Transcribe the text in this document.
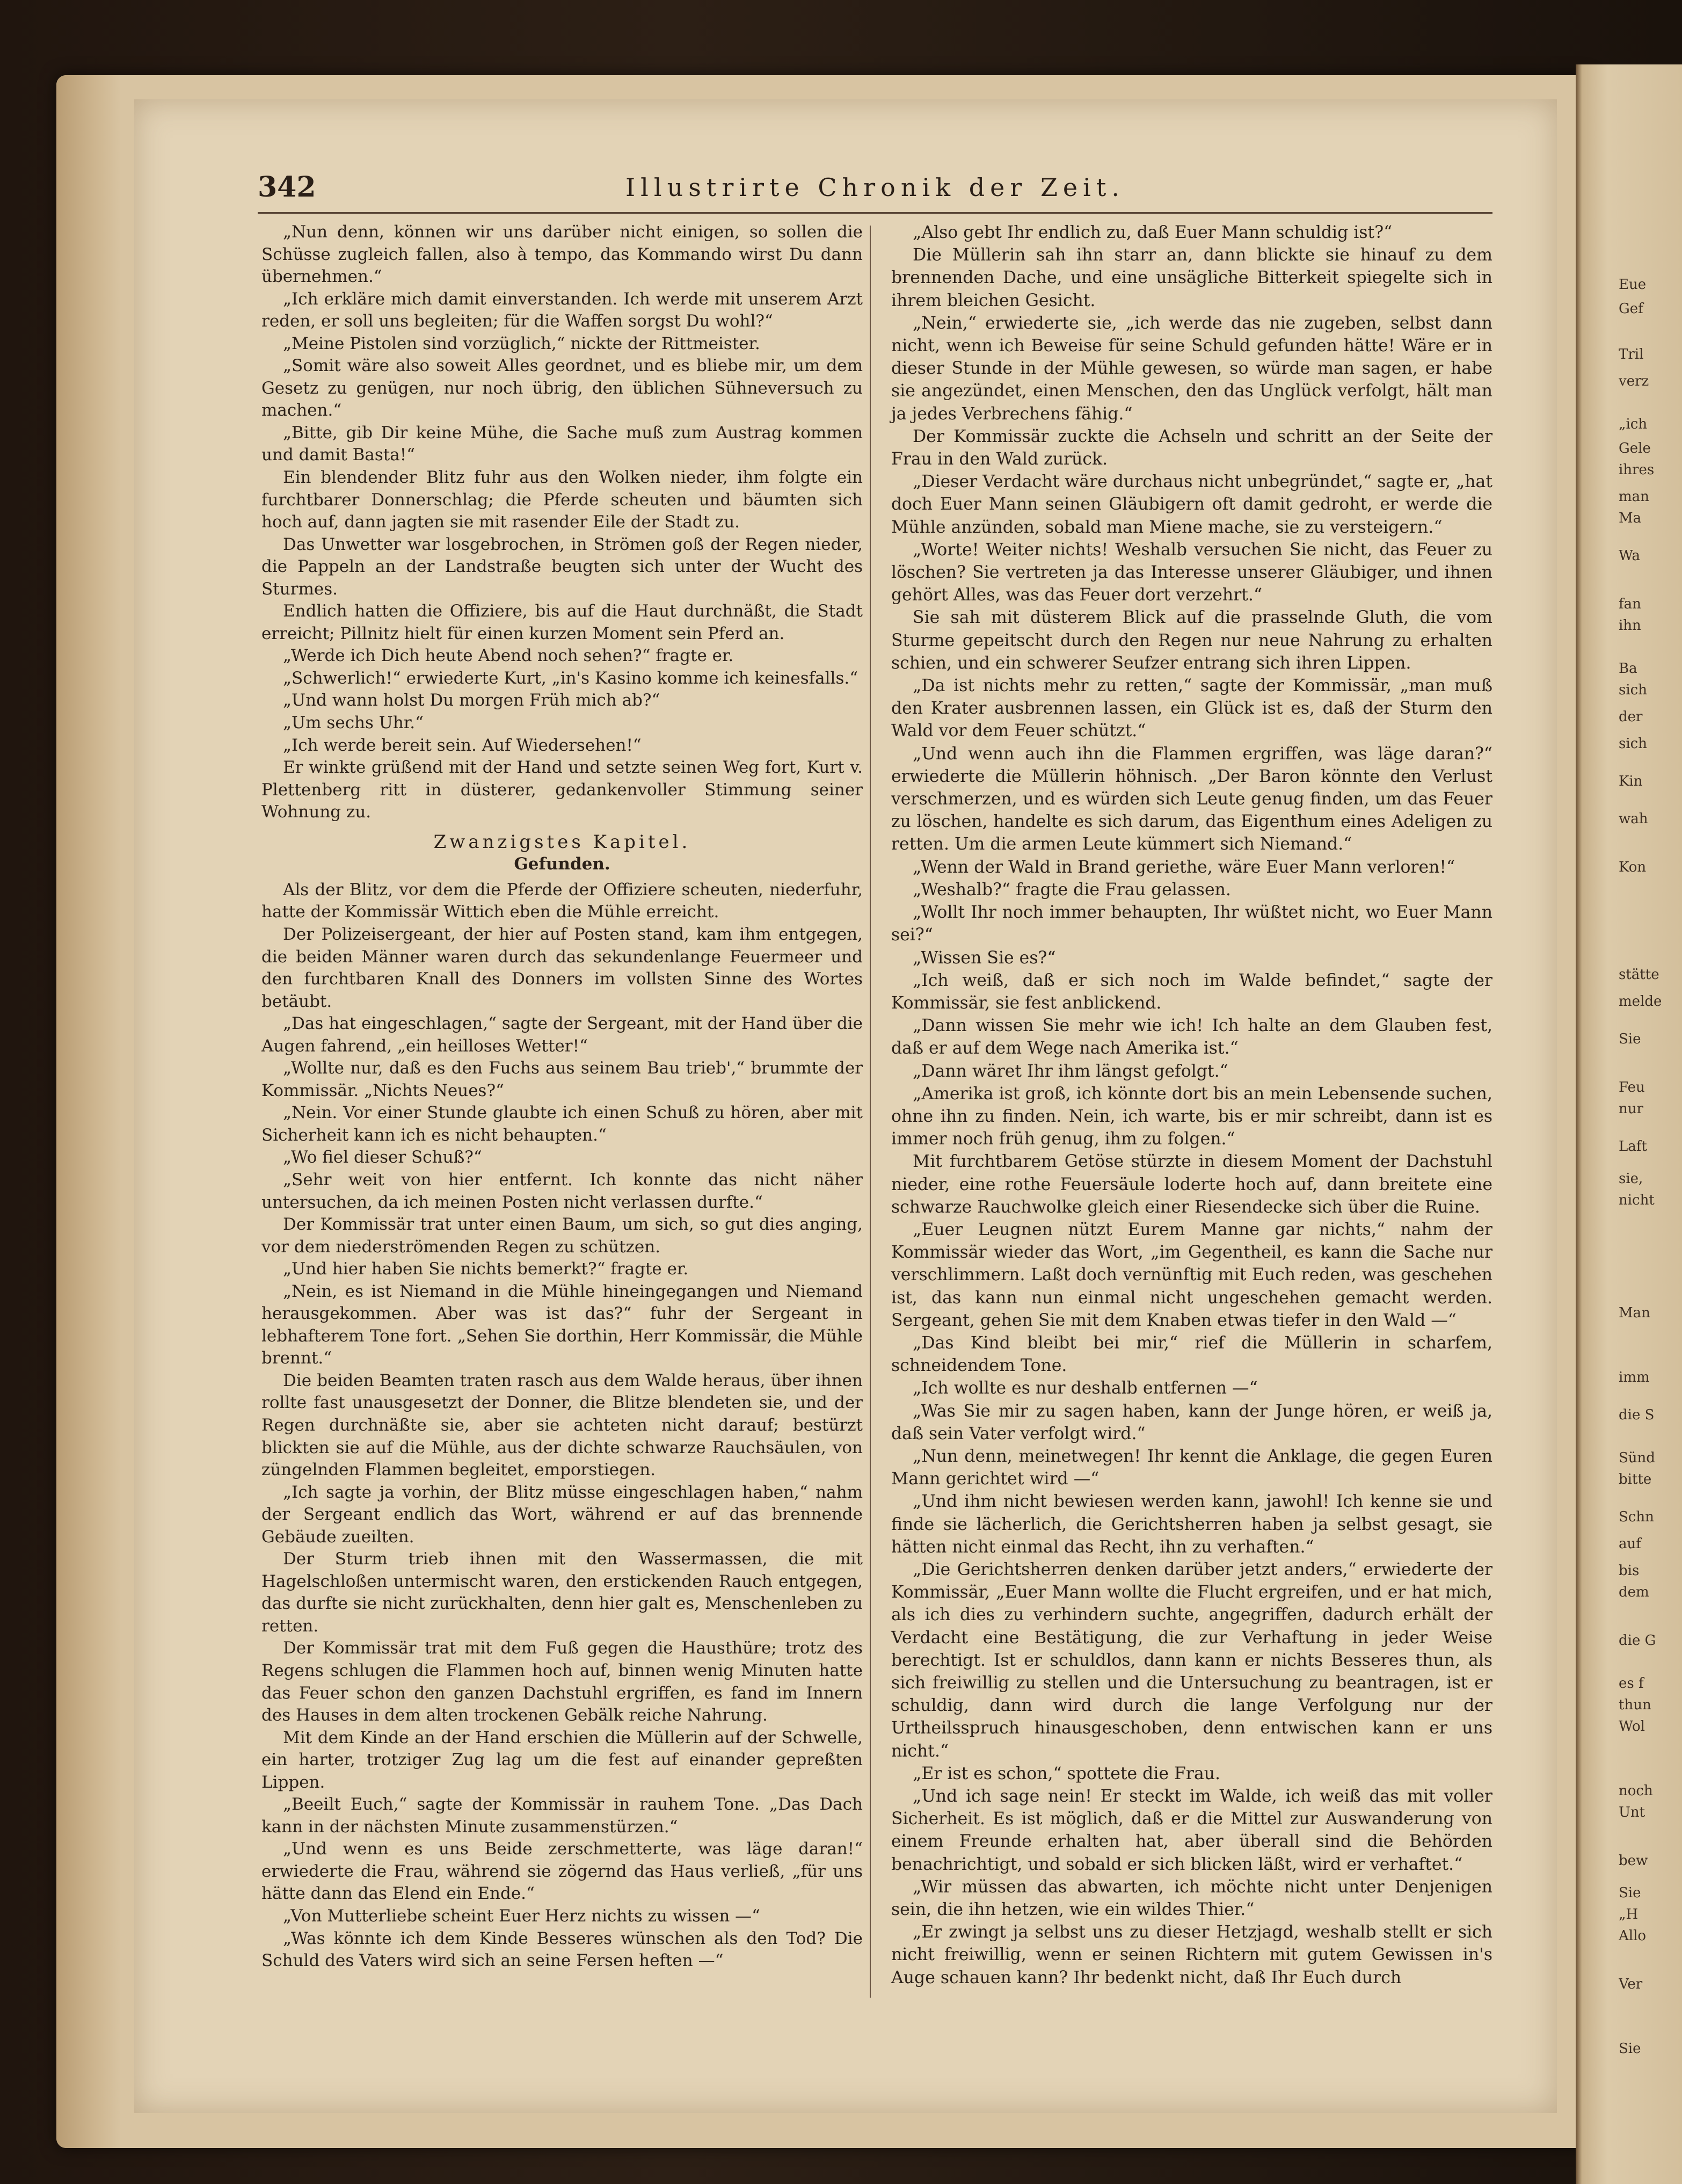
Eue
Gef
Tril
verz
„ich
Gele
ihres
man
Ma
Wa
fan
ihn
Ba
sich
der
sich
Kin
wah
Kon
stätte
melde
Sie
Feu
nur
Laft
sie,
nicht
Man
imm
die S
Sünd
bitte
Schn
auf
bis
dem
die G
es f
thun
Wol
noch
Unt
bew
Sie
„H
Allo
Ver
Sie
342	Illustrirte Chronik der Zeit.

„Nun denn, können wir uns darüber nicht einigen, so sollen die Schüsse zugleich fallen, also à tempo, das Kommando wirst Du dann übernehmen.“

„Ich erkläre mich damit einverstanden. Ich werde mit unserem Arzt reden, er soll uns begleiten; für die Waffen sorgst Du wohl?“

„Meine Pistolen sind vorzüglich,“ nickte der Rittmeister.

„Somit wäre also soweit Alles geordnet, und es bliebe mir, um dem Gesetz zu genügen, nur noch übrig, den üblichen Sühneversuch zu machen.“

„Bitte, gib Dir keine Mühe, die Sache muß zum Austrag kommen und damit Basta!“

Ein blendender Blitz fuhr aus den Wolken nieder, ihm folgte ein furchtbarer Donnerschlag; die Pferde scheuten und bäumten sich hoch auf, dann jagten sie mit rasender Eile der Stadt zu.

Das Unwetter war losgebrochen, in Strömen goß der Regen nieder, die Pappeln an der Landstraße beugten sich unter der Wucht des Sturmes.

Endlich hatten die Offiziere, bis auf die Haut durchnäßt, die Stadt erreicht; Pillnitz hielt für einen kurzen Moment sein Pferd an.

„Werde ich Dich heute Abend noch sehen?“ fragte er.

„Schwerlich!“ erwiederte Kurt, „in's Kasino komme ich keinesfalls.“

„Und wann holst Du morgen Früh mich ab?“

„Um sechs Uhr.“

„Ich werde bereit sein. Auf Wiedersehen!“

Er winkte grüßend mit der Hand und setzte seinen Weg fort, Kurt v. Plettenberg ritt in düsterer, gedankenvoller Stimmung seiner Wohnung zu.

Zwanzigstes Kapitel.
Gefunden.

Als der Blitz, vor dem die Pferde der Offiziere scheuten, niederfuhr, hatte der Kommissär Wittich eben die Mühle erreicht.

Der Polizeisergeant, der hier auf Posten stand, kam ihm entgegen, die beiden Männer waren durch das sekundenlange Feuermeer und den furchtbaren Knall des Donners im vollsten Sinne des Wortes betäubt.

„Das hat eingeschlagen,“ sagte der Sergeant, mit der Hand über die Augen fahrend, „ein heilloses Wetter!“

„Wollte nur, daß es den Fuchs aus seinem Bau trieb',“ brummte der Kommissär. „Nichts Neues?“

„Nein. Vor einer Stunde glaubte ich einen Schuß zu hören, aber mit Sicherheit kann ich es nicht behaupten.“

„Wo fiel dieser Schuß?“

„Sehr weit von hier entfernt. Ich konnte das nicht näher untersuchen, da ich meinen Posten nicht verlassen durfte.“

Der Kommissär trat unter einen Baum, um sich, so gut dies anging, vor dem niederströmenden Regen zu schützen.

„Und hier haben Sie nichts bemerkt?“ fragte er.

„Nein, es ist Niemand in die Mühle hineingegangen und Niemand herausgekommen. Aber was ist das?“ fuhr der Sergeant in lebhafterem Tone fort. „Sehen Sie dorthin, Herr Kommissär, die Mühle brennt.“

Die beiden Beamten traten rasch aus dem Walde heraus, über ihnen rollte fast unausgesetzt der Donner, die Blitze blendeten sie, und der Regen durchnäßte sie, aber sie achteten nicht darauf; bestürzt blickten sie auf die Mühle, aus der dichte schwarze Rauchsäulen, von züngelnden Flammen begleitet, emporstiegen.

„Ich sagte ja vorhin, der Blitz müsse eingeschlagen haben,“ nahm der Sergeant endlich das Wort, während er auf das brennende Gebäude zueilten.

Der Sturm trieb ihnen mit den Wassermassen, die mit Hagelschloßen untermischt waren, den erstickenden Rauch entgegen, das durfte sie nicht zurückhalten, denn hier galt es, Menschenleben zu retten.

Der Kommissär trat mit dem Fuß gegen die Hausthüre; trotz des Regens schlugen die Flammen hoch auf, binnen wenig Minuten hatte das Feuer schon den ganzen Dachstuhl ergriffen, es fand im Innern des Hauses in dem alten trockenen Gebälk reiche Nahrung.

Mit dem Kinde an der Hand erschien die Müllerin auf der Schwelle, ein harter, trotziger Zug lag um die fest auf einander gepreßten Lippen.

„Beeilt Euch,“ sagte der Kommissär in rauhem Tone. „Das Dach kann in der nächsten Minute zusammenstürzen.“

„Und wenn es uns Beide zerschmetterte, was läge daran!“ erwiederte die Frau, während sie zögernd das Haus verließ, „für uns hätte dann das Elend ein Ende.“

„Von Mutterliebe scheint Euer Herz nichts zu wissen —“

„Was könnte ich dem Kinde Besseres wünschen als den Tod? Die Schuld des Vaters wird sich an seine Fersen heften —“

„Also gebt Ihr endlich zu, daß Euer Mann schuldig ist?“

Die Müllerin sah ihn starr an, dann blickte sie hinauf zu dem brennenden Dache, und eine unsägliche Bitterkeit spiegelte sich in ihrem bleichen Gesicht.

„Nein,“ erwiederte sie, „ich werde das nie zugeben, selbst dann nicht, wenn ich Beweise für seine Schuld gefunden hätte! Wäre er in dieser Stunde in der Mühle gewesen, so würde man sagen, er habe sie angezündet, einen Menschen, den das Unglück verfolgt, hält man ja jedes Verbrechens fähig.“

Der Kommissär zuckte die Achseln und schritt an der Seite der Frau in den Wald zurück.

„Dieser Verdacht wäre durchaus nicht unbegründet,“ sagte er, „hat doch Euer Mann seinen Gläubigern oft damit gedroht, er werde die Mühle anzünden, sobald man Miene mache, sie zu versteigern.“

„Worte! Weiter nichts! Weshalb versuchen Sie nicht, das Feuer zu löschen? Sie vertreten ja das Interesse unserer Gläubiger, und ihnen gehört Alles, was das Feuer dort verzehrt.“

Sie sah mit düsterem Blick auf die prasselnde Gluth, die vom Sturme gepeitscht durch den Regen nur neue Nahrung zu erhalten schien, und ein schwerer Seufzer entrang sich ihren Lippen.

„Da ist nichts mehr zu retten,“ sagte der Kommissär, „man muß den Krater ausbrennen lassen, ein Glück ist es, daß der Sturm den Wald vor dem Feuer schützt.“

„Und wenn auch ihn die Flammen ergriffen, was läge daran?“ erwiederte die Müllerin höhnisch. „Der Baron könnte den Verlust verschmerzen, und es würden sich Leute genug finden, um das Feuer zu löschen, handelte es sich darum, das Eigenthum eines Adeligen zu retten. Um die armen Leute kümmert sich Niemand.“

„Wenn der Wald in Brand geriethe, wäre Euer Mann verloren!“

„Weshalb?“ fragte die Frau gelassen.

„Wollt Ihr noch immer behaupten, Ihr wüßtet nicht, wo Euer Mann sei?“

„Wissen Sie es?“

„Ich weiß, daß er sich noch im Walde befindet,“ sagte der Kommissär, sie fest anblickend.

„Dann wissen Sie mehr wie ich! Ich halte an dem Glauben fest, daß er auf dem Wege nach Amerika ist.“

„Dann wäret Ihr ihm längst gefolgt.“

„Amerika ist groß, ich könnte dort bis an mein Lebensende suchen, ohne ihn zu finden. Nein, ich warte, bis er mir schreibt, dann ist es immer noch früh genug, ihm zu folgen.“

Mit furchtbarem Getöse stürzte in diesem Moment der Dachstuhl nieder, eine rothe Feuersäule loderte hoch auf, dann breitete eine schwarze Rauchwolke gleich einer Riesendecke sich über die Ruine.

„Euer Leugnen nützt Eurem Manne gar nichts,“ nahm der Kommissär wieder das Wort, „im Gegentheil, es kann die Sache nur verschlimmern. Laßt doch vernünftig mit Euch reden, was geschehen ist, das kann nun einmal nicht ungeschehen gemacht werden. Sergeant, gehen Sie mit dem Knaben etwas tiefer in den Wald —“

„Das Kind bleibt bei mir,“ rief die Müllerin in scharfem, schneidendem Tone.

„Ich wollte es nur deshalb entfernen —“

„Was Sie mir zu sagen haben, kann der Junge hören, er weiß ja, daß sein Vater verfolgt wird.“

„Nun denn, meinetwegen! Ihr kennt die Anklage, die gegen Euren Mann gerichtet wird —“

„Und ihm nicht bewiesen werden kann, jawohl! Ich kenne sie und finde sie lächerlich, die Gerichtsherren haben ja selbst gesagt, sie hätten nicht einmal das Recht, ihn zu verhaften.“

„Die Gerichtsherren denken darüber jetzt anders,“ erwiederte der Kommissär, „Euer Mann wollte die Flucht ergreifen, und er hat mich, als ich dies zu verhindern suchte, angegriffen, dadurch erhält der Verdacht eine Bestätigung, die zur Verhaftung in jeder Weise berechtigt. Ist er schuldlos, dann kann er nichts Besseres thun, als sich freiwillig zu stellen und die Untersuchung zu beantragen, ist er schuldig, dann wird durch die lange Verfolgung nur der Urtheilsspruch hinausgeschoben, denn entwischen kann er uns nicht.“

„Er ist es schon,“ spottete die Frau.

„Und ich sage nein! Er steckt im Walde, ich weiß das mit voller Sicherheit. Es ist möglich, daß er die Mittel zur Auswanderung von einem Freunde erhalten hat, aber überall sind die Behörden benachrichtigt, und sobald er sich blicken läßt, wird er verhaftet.“

„Wir müssen das abwarten, ich möchte nicht unter Denjenigen sein, die ihn hetzen, wie ein wildes Thier.“

„Er zwingt ja selbst uns zu dieser Hetzjagd, weshalb stellt er sich nicht freiwillig, wenn er seinen Richtern mit gutem Gewissen in's Auge schauen kann? Ihr bedenkt nicht, daß Ihr Euch durch
